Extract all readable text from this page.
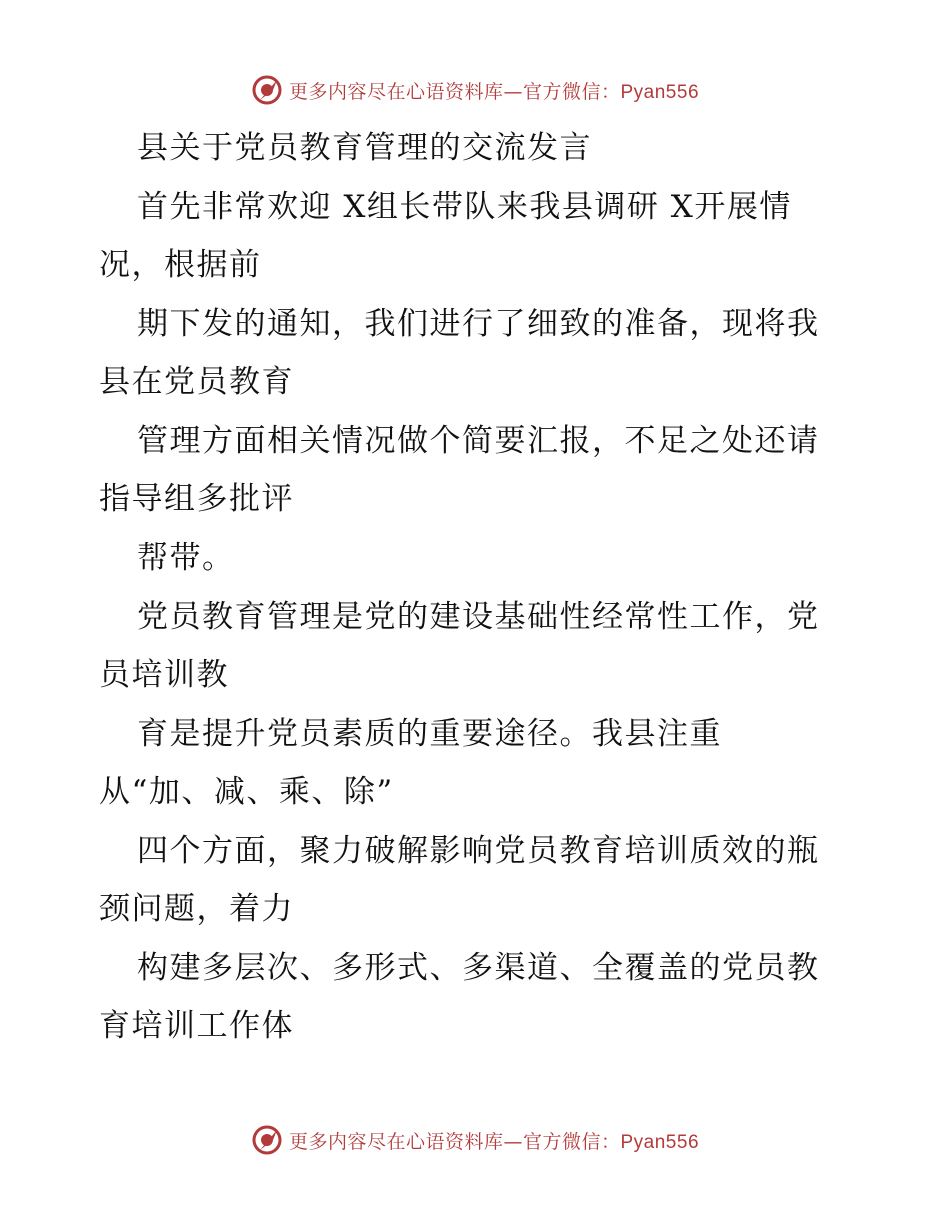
更多内容尽在心语资料库—官方微信：Pyan556
县关于党员教育管理的交流发言
首先非常欢迎 X组长带队来我县调研 X开展情
况，根据前
期下发的通知，我们进行了细致的准备，现将我
县在党员教育
管理方面相关情况做个简要汇报，不足之处还请
指导组多批评
帮带。
党员教育管理是党的建设基础性经常性工作，党
员培训教
育是提升党员素质的重要途径。我县注重
从“加、减、乘、除”
四个方面，聚力破解影响党员教育培训质效的瓶
颈问题，着力
构建多层次、多形式、多渠道、全覆盖的党员教
育培训工作体
更多内容尽在心语资料库—官方微信：Pyan556
